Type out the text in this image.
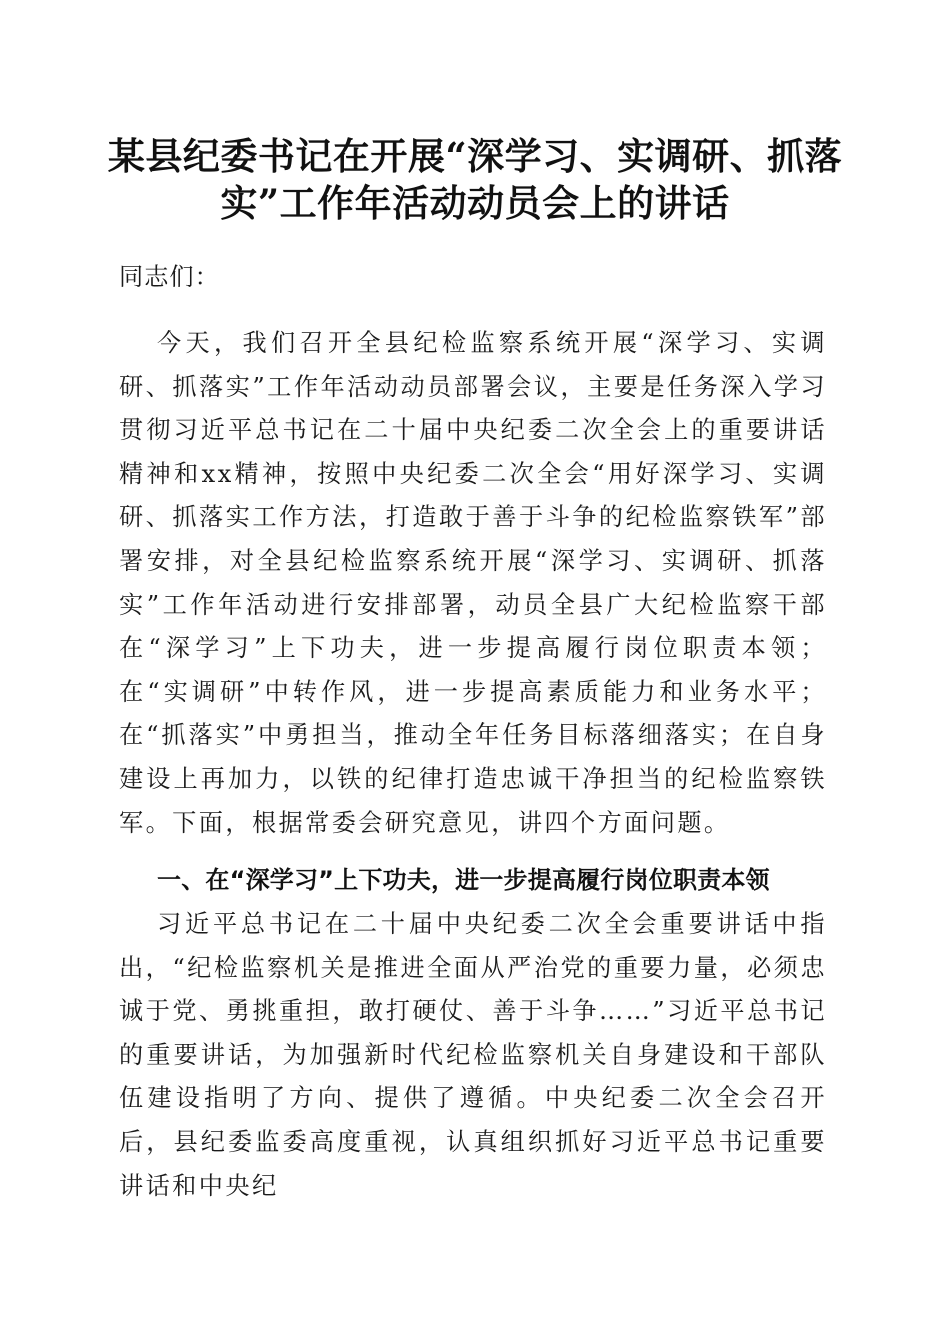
某县纪委书记在开展“深学习、实调研、抓落
实”工作年活动动员会上的讲话

同志们：

今天，我们召开全县纪检监察系统开展“深学习、实调研、抓落实”工作年活动动员部署会议，主要是任务深入学习贯彻习近平总书记在二十届中央纪委二次全会上的重要讲话精神和xx精神，按照中央纪委二次全会“用好深学习、实调研、抓落实工作方法，打造敢于善于斗争的纪检监察铁军”部署安排，对全县纪检监察系统开展“深学习、实调研、抓落实”工作年活动进行安排部署，动员全县广大纪检监察干部在“深学习”上下功夫，进一步提高履行岗位职责本领；在“实调研”中转作风，进一步提高素质能力和业务水平；在“抓落实”中勇担当，推动全年任务目标落细落实；在自身建设上再加力，以铁的纪律打造忠诚干净担当的纪检监察铁军。下面，根据常委会研究意见，讲四个方面问题。

一、在“深学习”上下功夫，进一步提高履行岗位职责本领

习近平总书记在二十届中央纪委二次全会重要讲话中指出，“纪检监察机关是推进全面从严治党的重要力量，必须忠诚于党、勇挑重担，敢打硬仗、善于斗争……”习近平总书记的重要讲话，为加强新时代纪检监察机关自身建设和干部队伍建设指明了方向、提供了遵循。中央纪委二次全会召开后，县纪委监委高度重视，认真组织抓好习近平总书记重要讲话和中央纪
